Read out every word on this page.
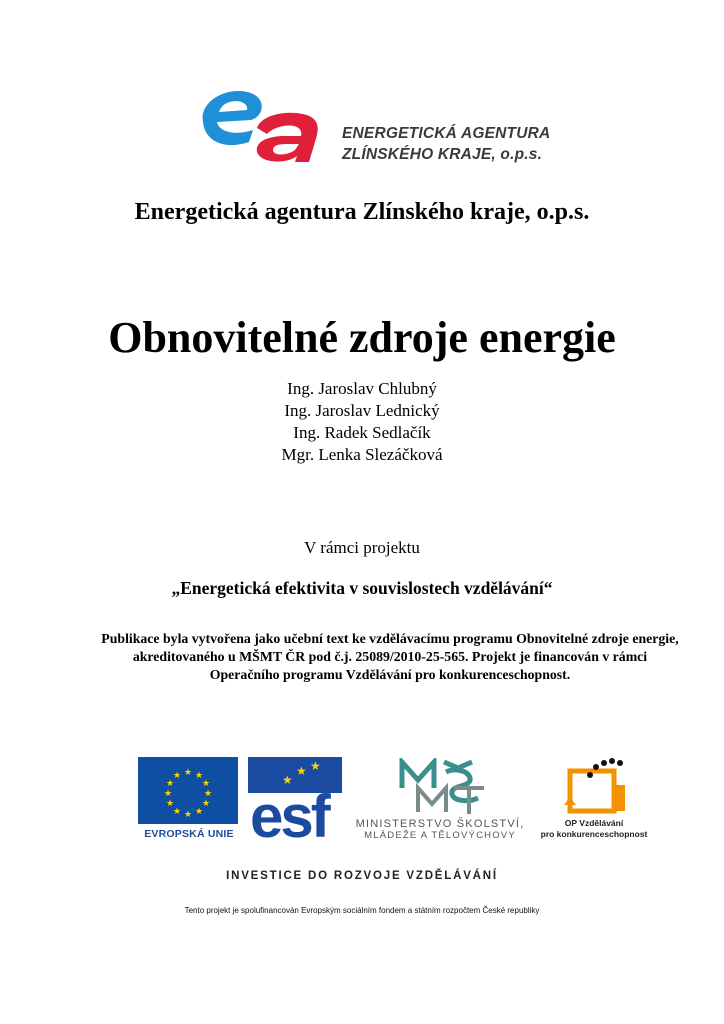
ENERGETICKÁ AGENTURA
ZLÍNSKÉHO KRAJE, o.p.s.
Energetická agentura Zlínského kraje, o.p.s.
Obnovitelné zdroje energie
Ing. Jaroslav Chlubný
Ing. Jaroslav Lednický
Ing. Radek Sedlačík
Mgr. Lenka Slezáčková
V rámci projektu
„Energetická efektivita v souvislostech vzdělávání“
Publikace byla vytvořena jako učební text ke vzdělávacímu programu Obnovitelné zdroje energie, akreditovaného u MŠMT ČR pod č.j. 25089/2010-25-565. Projekt je financován v rámci Operačního programu Vzdělávání pro konkurenceschopnost.
★ ★
★
★
★
★
★
★
★
★
★
★
EVROPSKÁ UNIE
★
★ ★
esf	MINISTERSTVO ŠKOLSTVÍ,
MLÁDEŽE A TĚLOVÝCHOVY
OP Vzdělávání
pro konkurenceschopnost
INVESTICE DO ROZVOJE VZDĚLÁVÁNÍ
Tento projekt je spolufinancován Evropským sociálním fondem a státním rozpočtem České republiky
